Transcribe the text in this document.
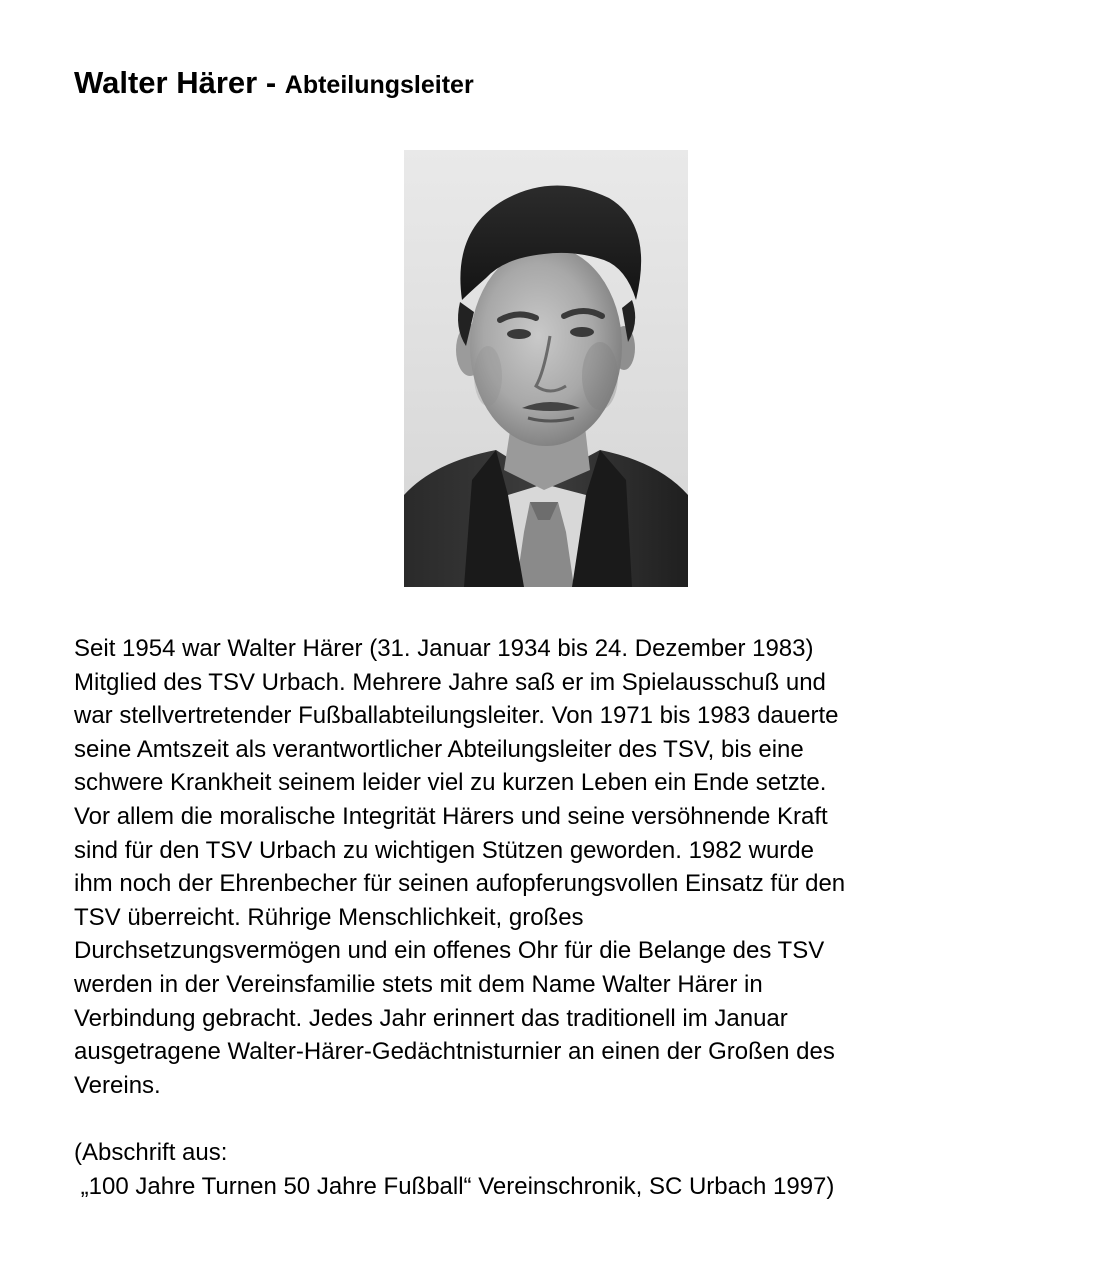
Walter Härer - Abteilungsleiter
Seit 1954 war Walter Härer (31. Januar 1934 bis 24. Dezember 1983)
Mitglied des TSV Urbach. Mehrere Jahre saß er im Spielausschuß und
war stellvertretender Fußballabteilungsleiter. Von 1971 bis 1983 dauerte
seine Amtszeit als verantwortlicher Abteilungsleiter des TSV, bis eine
schwere Krankheit seinem leider viel zu kurzen Leben ein Ende setzte.
Vor allem die moralische Integrität Härers und seine versöhnende Kraft
sind für den TSV Urbach zu wichtigen Stützen geworden. 1982 wurde
ihm noch der Ehrenbecher für seinen aufopferungsvollen Einsatz für den
TSV überreicht. Rührige Menschlichkeit, großes
Durchsetzungsvermögen und ein offenes Ohr für die Belange des TSV
werden in der Vereinsfamilie stets mit dem Name Walter Härer in
Verbindung gebracht. Jedes Jahr erinnert das traditionell im Januar
ausgetragene Walter-Härer-Gedächtnisturnier an einen der Großen des
Vereins.
(Abschrift aus:
„100 Jahre Turnen 50 Jahre Fußball“ Vereinschronik, SC Urbach 1997)
